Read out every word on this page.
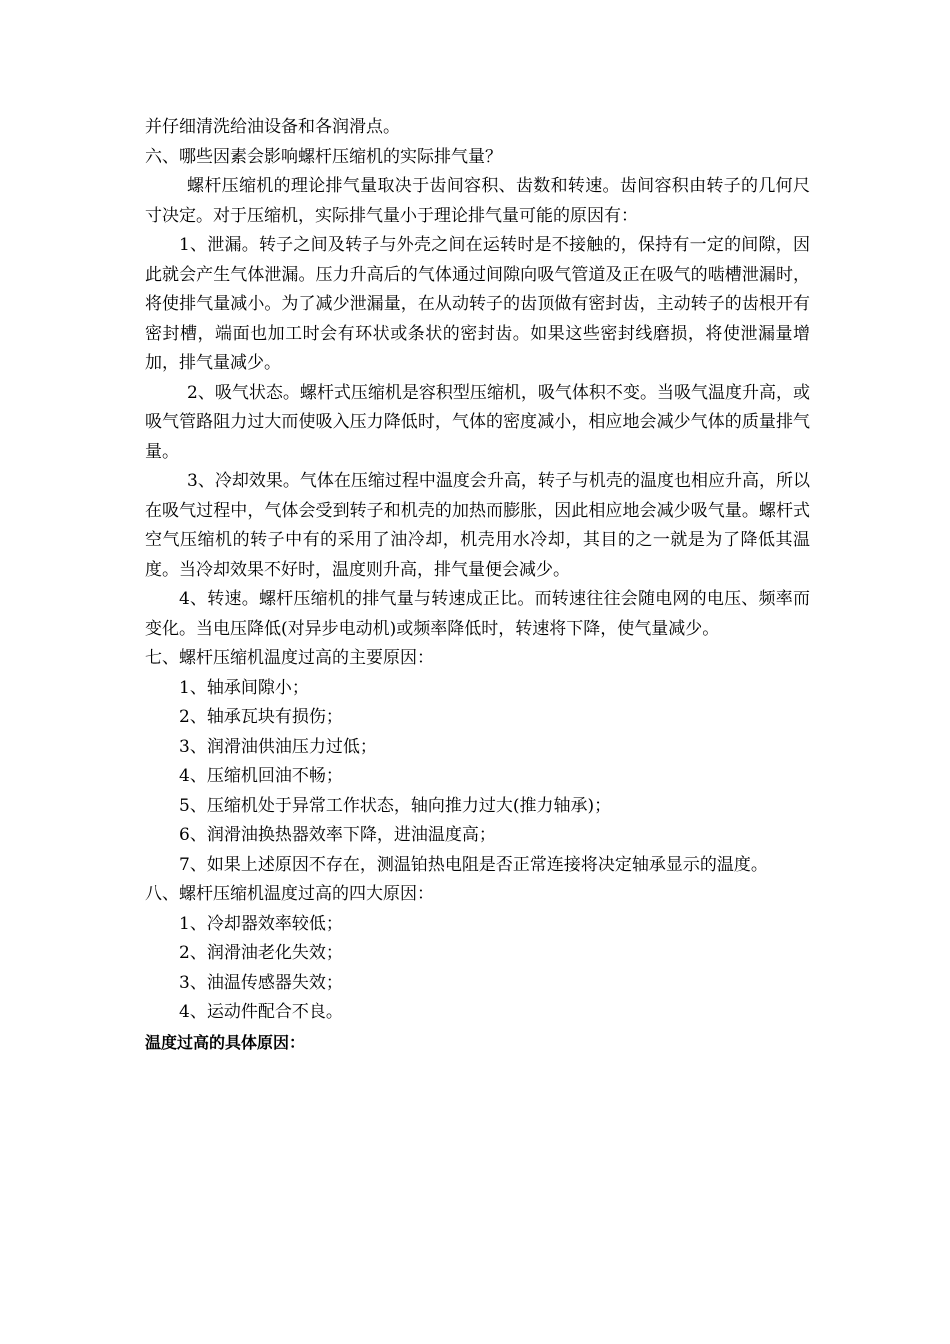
并仔细清洗给油设备和各润滑点。
六、哪些因素会影响螺杆压缩机的实际排气量？
螺杆压缩机的理论排气量取决于齿间容积、齿数和转速。齿间容积由转子的几何尺寸决定。对于压缩机，实际排气量小于理论排气量可能的原因有：
1、泄漏。转子之间及转子与外壳之间在运转时是不接触的，保持有一定的间隙，因此就会产生气体泄漏。压力升高后的气体通过间隙向吸气管道及正在吸气的啮槽泄漏时，将使排气量减小。为了减少泄漏量，在从动转子的齿顶做有密封齿，主动转子的齿根开有密封槽，端面也加工时会有环状或条状的密封齿。如果这些密封线磨损，将使泄漏量增加，排气量减少。
2、吸气状态。螺杆式压缩机是容积型压缩机，吸气体积不变。当吸气温度升高，或吸气管路阻力过大而使吸入压力降低时，气体的密度减小，相应地会减少气体的质量排气量。
3、冷却效果。气体在压缩过程中温度会升高，转子与机壳的温度也相应升高，所以在吸气过程中，气体会受到转子和机壳的加热而膨胀，因此相应地会减少吸气量。螺杆式空气压缩机的转子中有的采用了油冷却，机壳用水冷却，其目的之一就是为了降低其温度。当冷却效果不好时，温度则升高，排气量便会减少。
4、转速。螺杆压缩机的排气量与转速成正比。而转速往往会随电网的电压、频率而变化。当电压降低(对异步电动机)或频率降低时，转速将下降，使气量减少。
七、螺杆压缩机温度过高的主要原因：
1、轴承间隙小；
2、轴承瓦块有损伤；
3、润滑油供油压力过低；
4、压缩机回油不畅；
5、压缩机处于异常工作状态，轴向推力过大(推力轴承)；
6、润滑油换热器效率下降，进油温度高；
7、如果上述原因不存在，测温铂热电阻是否正常连接将决定轴承显示的温度。
八、螺杆压缩机温度过高的四大原因：
1、冷却器效率较低；
2、润滑油老化失效；
3、油温传感器失效；
4、运动件配合不良。
温度过高的具体原因：
